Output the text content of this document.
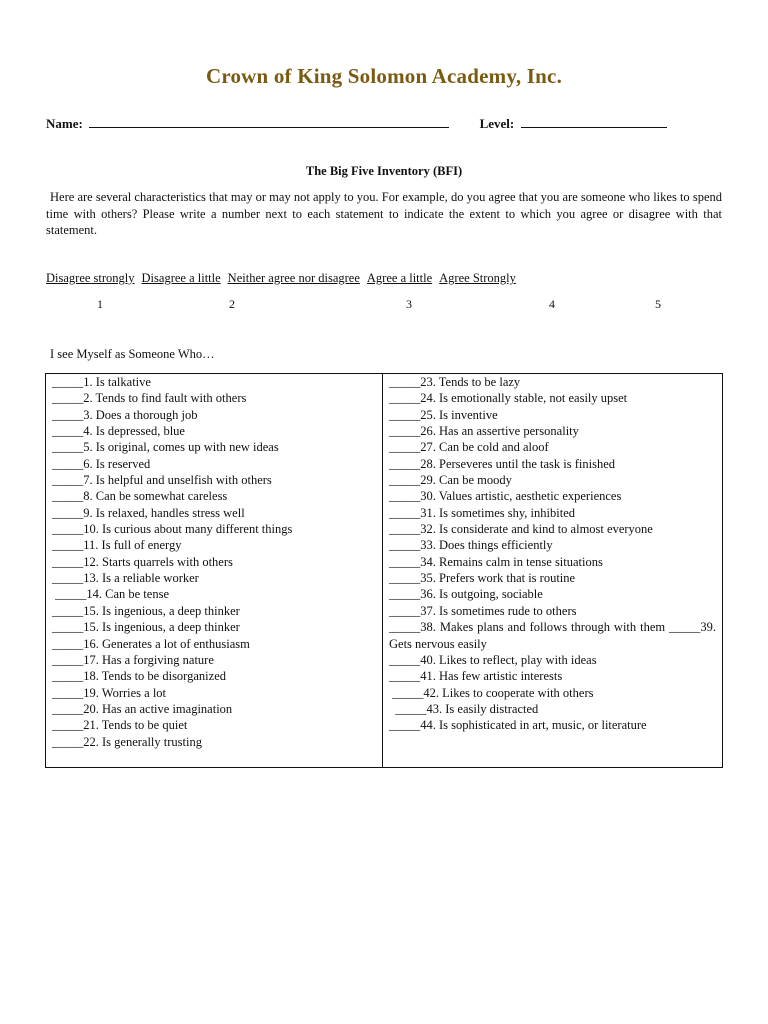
Crown of King Solomon Academy, Inc.
Name:	Level:
The Big Five Inventory (BFI)
Here are several characteristics that may or may not apply to you. For example, do you agree that you are someone who likes to spend time with others? Please write a number next to each statement to indicate the extent to which you agree or disagree with that statement.
Disagree strongly Disagree a little Neither agree nor disagree Agree a little Agree Strongly
1	2	3	4	5
I see Myself as Someone Who…
_____1. Is talkative
_____2. Tends to find fault with others
_____3. Does a thorough job
_____4. Is depressed, blue
_____5. Is original, comes up with new ideas
_____6. Is reserved
_____7. Is helpful and unselfish with others
_____8. Can be somewhat careless
_____9. Is relaxed, handles stress well
_____10. Is curious about many different things
_____11. Is full of energy
_____12. Starts quarrels with others
_____13. Is a reliable worker
_____14. Can be tense
_____15. Is ingenious, a deep thinker
_____15. Is ingenious, a deep thinker
_____16. Generates a lot of enthusiasm
_____17. Has a forgiving nature
_____18. Tends to be disorganized
_____19. Worries a lot
_____20. Has an active imagination
_____21. Tends to be quiet
_____22. Is generally trusting
_____23. Tends to be lazy
_____24. Is emotionally stable, not easily upset
_____25. Is inventive
_____26. Has an assertive personality
_____27. Can be cold and aloof
_____28. Perseveres until the task is finished
_____29. Can be moody
_____30. Values artistic, aesthetic experiences
_____31. Is sometimes shy, inhibited
_____32. Is considerate and kind to almost everyone
_____33. Does things efficiently
_____34. Remains calm in tense situations
_____35. Prefers work that is routine
_____36. Is outgoing, sociable
_____37. Is sometimes rude to others
_____38. Makes plans and follows through with them _____39. Gets nervous easily
_____40. Likes to reflect, play with ideas
_____41. Has few artistic interests
_____42. Likes to cooperate with others
_____43. Is easily distracted
_____44. Is sophisticated in art, music, or literature
